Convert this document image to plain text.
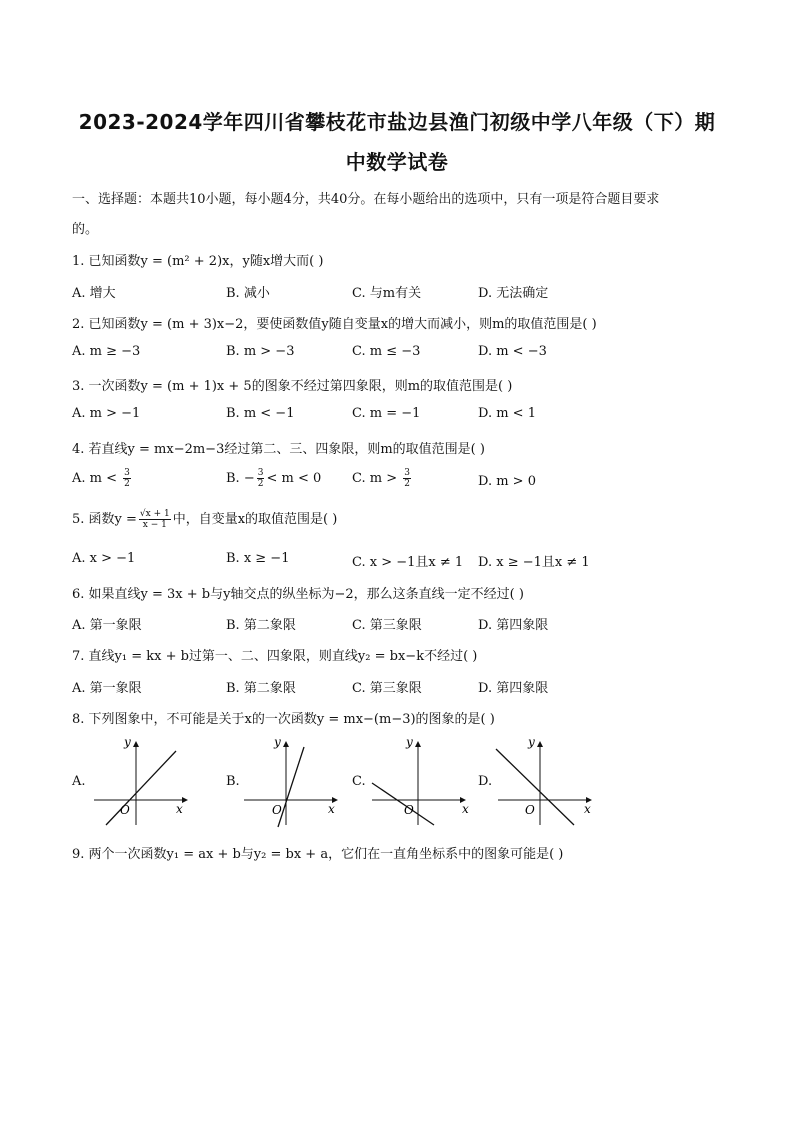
2023-2024学年四川省攀枝花市盐边县渔门初级中学八年级（下）期
中数学试卷
一、选择题：本题共10小题，每小题4分，共40分。在每小题给出的选项中，只有一项是符合题目要求
的。
1. 已知函数y = (m² + 2)x，y随x增大而( )
A. 增大	B. 减小	C. 与m有关	D. 无法确定
2. 已知函数y = (m + 3)x−2，要使函数值y随自变量x的增大而减小，则m的取值范围是( )
A. m ≥ −3	B. m > −3	C. m ≤ −3	D. m < −3
3. 一次函数y = (m + 1)x + 5的图象不经过第四象限，则m的取值范围是( )
A. m > −1	B. m < −1	C. m = −1	D. m < 1
4. 若直线y = mx−2m−3经过第二、三、四象限，则m的取值范围是( )
A. $m < \frac{3}{2}$	B. − $\frac{3}{2} < m < 0$ C. $m > \frac{3}{2}$	D. m > 0
5. 函数$y = \frac{√x + 1}{x - 1}$ 中，自变量x的取值范围是( )
A. x > −1	B. x ≥ −1	C. x > −1且x ≠ 1 D. x ≥ −1且x ≠ 1
6. 如果直线y = 3x + b与y轴交点的纵坐标为−2，那么这条直线一定不经过( )
A. 第一象限	B. 第二象限	C. 第三象限	D. 第四象限
7. 直线y₁ = kx + b过第一、二、四象限，则直线y₂ = bx−k不经过( )
A. 第一象限	B. 第二象限	C. 第三象限	D. 第四象限
8. 下列图象中，不可能是关于x的一次函数y = mx−(m−3)的图象的是( )
A.
y
x
O
B.
y
x
O
C.
y
x
O
D.
y
x
O
9. 两个一次函数y₁ = ax + b与y₂ = bx + a，它们在一直角坐标系中的图象可能是( )
